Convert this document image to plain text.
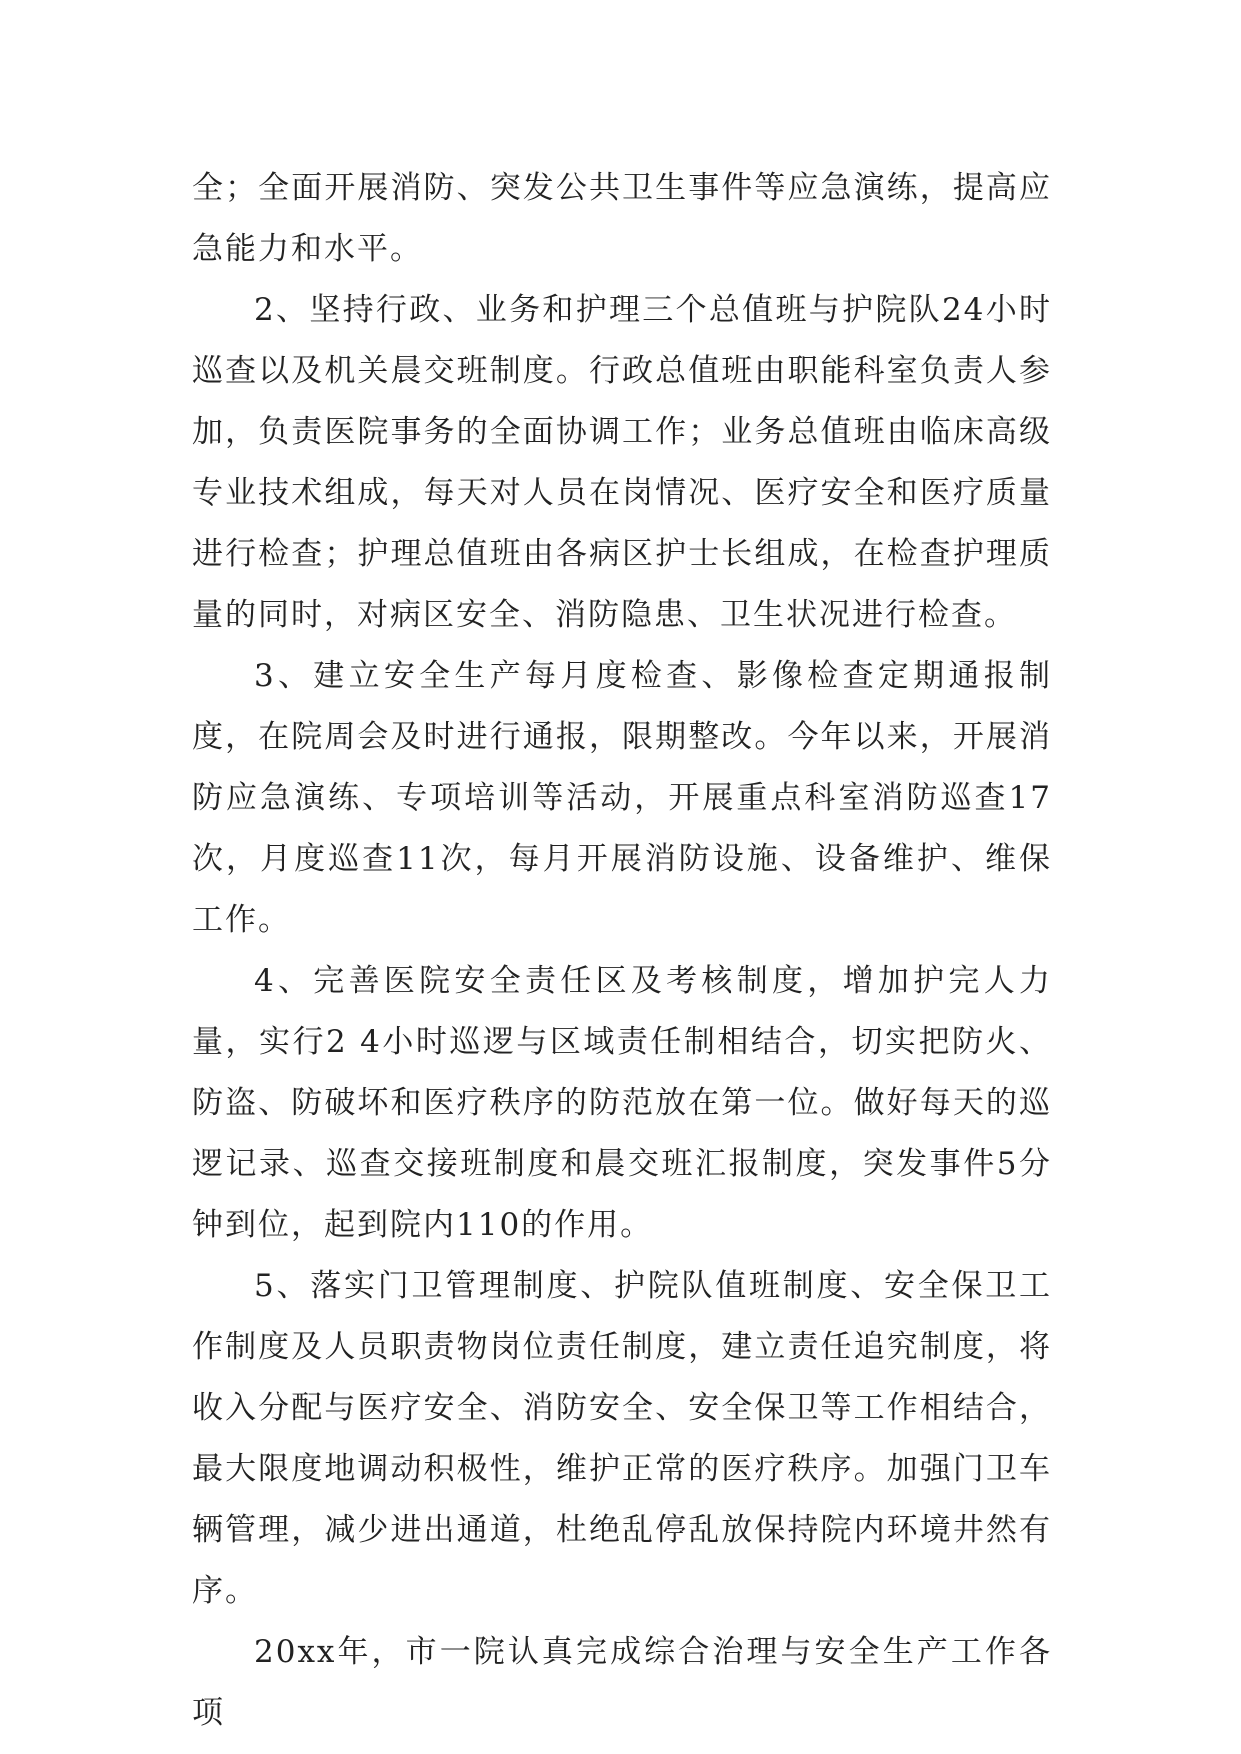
全；全面开展消防、突发公共卫生事件等应急演练，提高应急能力和水平。

2、坚持行政、业务和护理三个总值班与护院队24小时巡查以及机关晨交班制度。行政总值班由职能科室负责人参加，负责医院事务的全面协调工作；业务总值班由临床高级专业技术组成，每天对人员在岗情况、医疗安全和医疗质量进行检查；护理总值班由各病区护士长组成，在检查护理质量的同时，对病区安全、消防隐患、卫生状况进行检查。

3、建立安全生产每月度检查、影像检查定期通报制度，在院周会及时进行通报，限期整改。今年以来，开展消防应急演练、专项培训等活动，开展重点科室消防巡查17次，月度巡查11次，每月开展消防设施、设备维护、维保工作。

4、完善医院安全责任区及考核制度，增加护完人力量，实行2 4小时巡逻与区域责任制相结合，切实把防火、防盗、防破坏和医疗秩序的防范放在第一位。做好每天的巡逻记录、巡查交接班制度和晨交班汇报制度，突发事件5分钟到位，起到院内110的作用。

5、落实门卫管理制度、护院队值班制度、安全保卫工作制度及人员职责物岗位责任制度，建立责任追究制度，将收入分配与医疗安全、消防安全、安全保卫等工作相结合，最大限度地调动积极性，维护正常的医疗秩序。加强门卫车辆管理，减少进出通道，杜绝乱停乱放保持院内环境井然有序。

20xx年，市一院认真完成综合治理与安全生产工作各项
